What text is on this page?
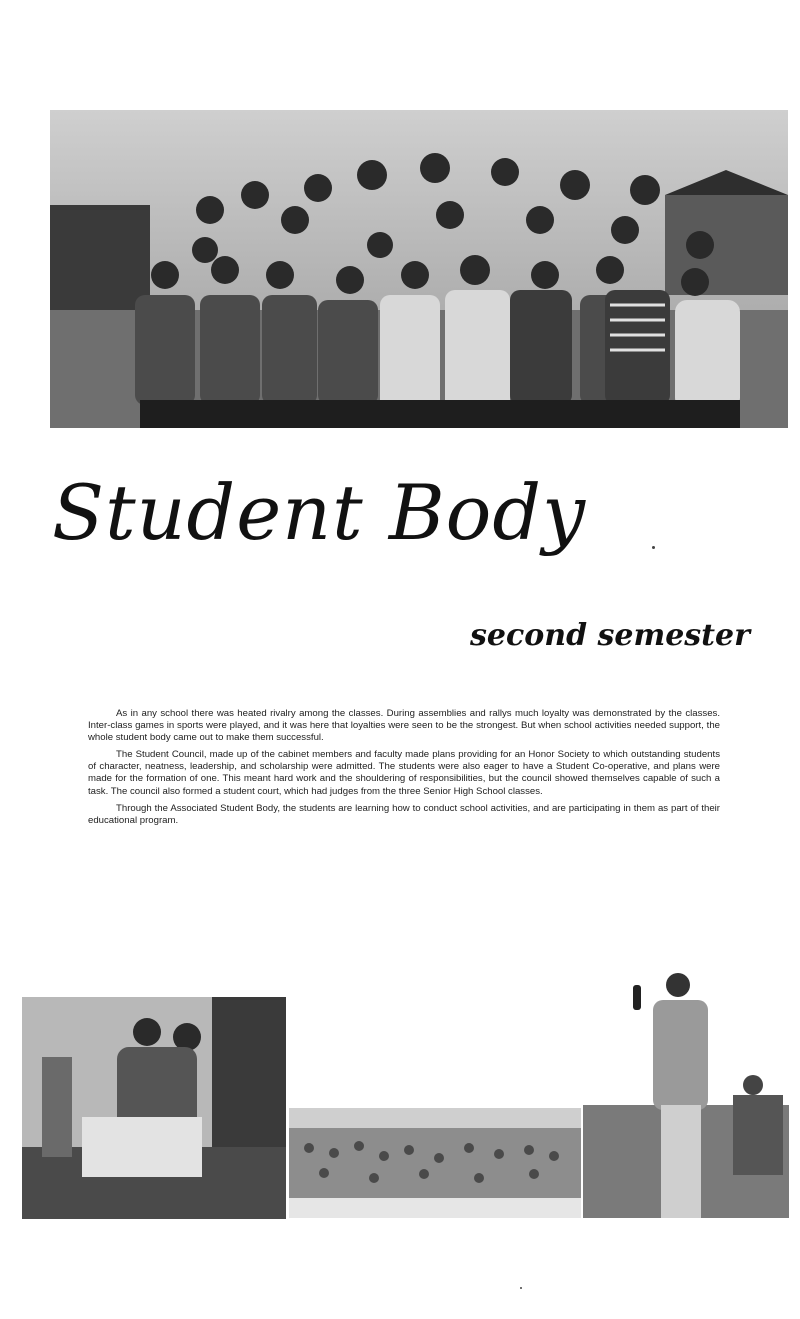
Student Body
second semester

As in any school there was heated rivalry among the classes. During assemblies and rallys much loyalty was demonstrated by the classes. Inter-class games in sports were played, and it was here that loyalties were seen to be the strongest. But when school activities needed support, the whole student body came out to make them successful.

The Student Council, made up of the cabinet members and faculty made plans providing for an Honor Society to which outstanding students of character, neatness, leadership, and scholarship were admitted. The students were also eager to have a Student Co-operative, and plans were made for the formation of one. This meant hard work and the shouldering of responsibilities, but the council showed themselves capable of such a task. The council also formed a student court, which had judges from the three Senior High School classes.

Through the Associated Student Body, the students are learning how to conduct school activities, and are participating in them as part of their educational program.
